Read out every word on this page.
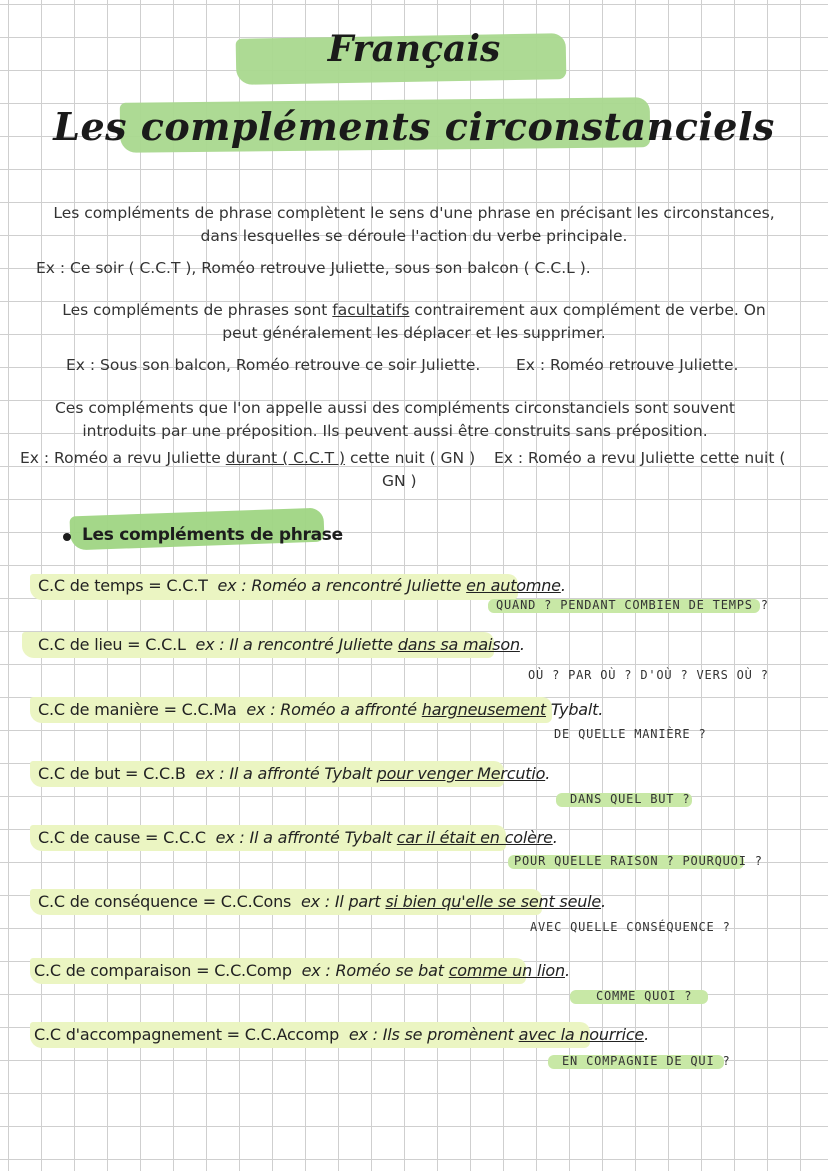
Français
Les compléments circonstanciels
Les compléments de phrase complètent le sens d'une phrase en précisant les circonstances,
dans lesquelles se déroule l'action du verbe principale.
Ex : Ce soir ( C.C.T ), Roméo retrouve Juliette, sous son balcon ( C.C.L ).
Les compléments de phrases sont facultatifs contrairement aux complément de verbe. On
peut généralement les déplacer et les supprimer.
Ex : Sous son balcon, Roméo retrouve ce soir Juliette. Ex : Roméo retrouve Juliette.
Ces compléments que l'on appelle aussi des compléments circonstanciels sont souvent
introduits par une préposition. Ils peuvent aussi être construits sans préposition.
Ex : Roméo a revu Juliette durant ( C.C.T ) cette nuit ( GN ) Ex : Roméo a revu Juliette cette nuit (
GN )
Les compléments de phrase
C.C de temps = C.C.T ex : Roméo a rencontré Juliette en automne.
QUAND ? PENDANT COMBIEN DE TEMPS ?
C.C de lieu = C.C.L ex : Il a rencontré Juliette dans sa maison.
OÙ ? PAR OÙ ? D'OÙ ? VERS OÙ ?
C.C de manière = C.C.Ma ex : Roméo a affronté hargneusement Tybalt.
DE QUELLE MANIÈRE ?
C.C de but = C.C.B ex : Il a affronté Tybalt pour venger Mercutio.
DANS QUEL BUT ?
C.C de cause = C.C.C ex : Il a affronté Tybalt car il était en colère.
POUR QUELLE RAISON ? POURQUOI ?
C.C de conséquence = C.C.Cons ex : Il part si bien qu'elle se sent seule.
AVEC QUELLE CONSÉQUENCE ?
C.C de comparaison = C.C.Comp ex : Roméo se bat comme un lion.
COMME QUOI ?
C.C d'accompagnement = C.C.Accomp ex : Ils se promènent avec la nourrice.
EN COMPAGNIE DE QUI ?
